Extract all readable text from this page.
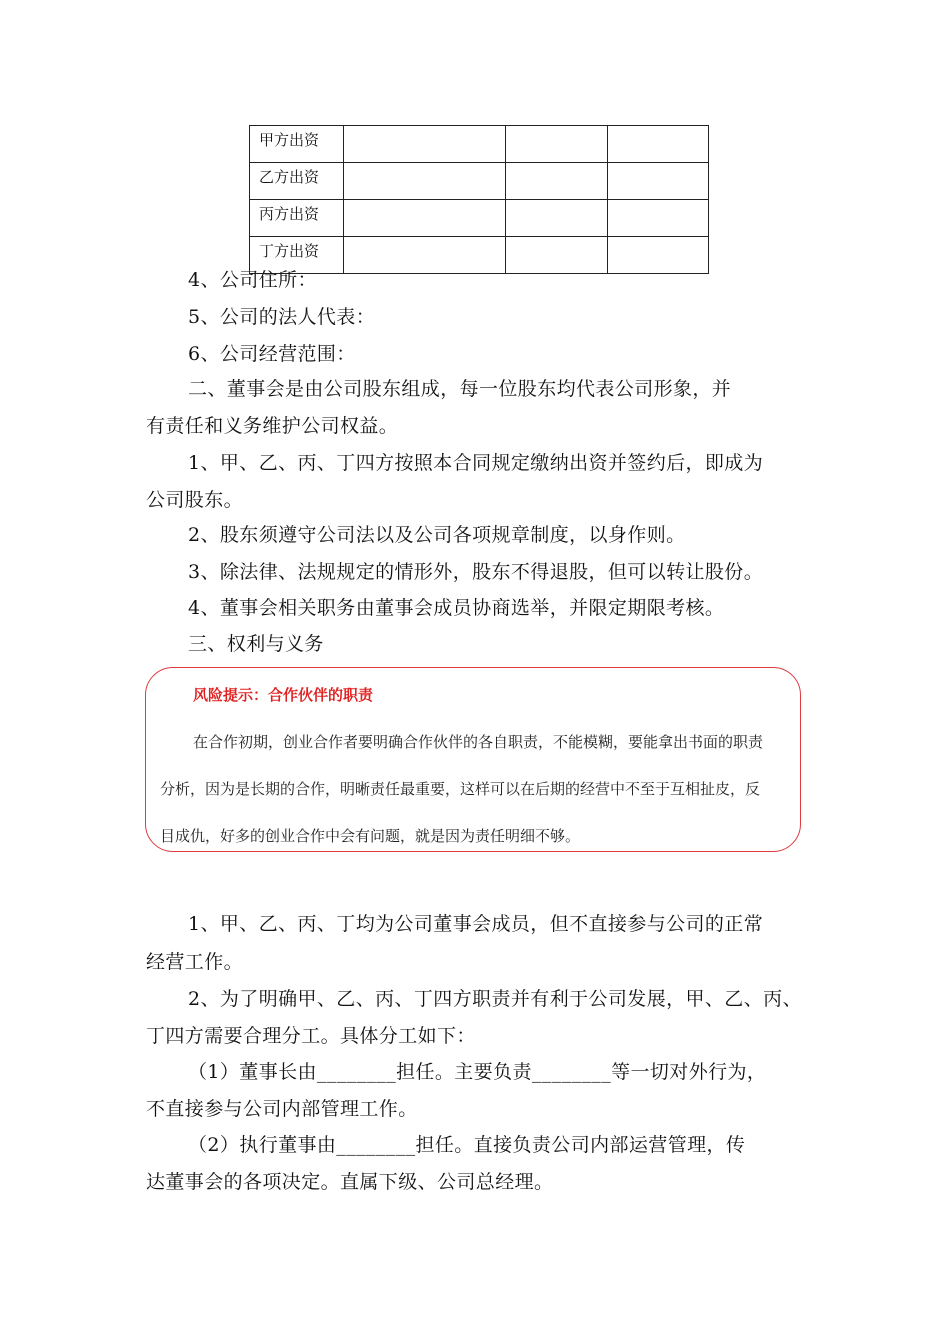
甲方出资			
乙方出资			
丙方出资			
丁方出资			
4、公司住所：
5、公司的法人代表：
6、公司经营范围：
二、董事会是由公司股东组成，每一位股东均代表公司形象，并
有责任和义务维护公司权益。
1、甲、乙、丙、丁四方按照本合同规定缴纳出资并签约后，即成为
公司股东。
2、股东须遵守公司法以及公司各项规章制度，以身作则。
3、除法律、法规规定的情形外，股东不得退股，但可以转让股份。
4、董事会相关职务由董事会成员协商选举，并限定期限考核。
三、权利与义务
风险提示：合作伙伴的职责
在合作初期，创业合作者要明确合作伙伴的各自职责，不能模糊，要能拿出书面的职责
分析，因为是长期的合作，明晰责任最重要，这样可以在后期的经营中不至于互相扯皮，反
目成仇，好多的创业合作中会有问题，就是因为责任明细不够。
1、甲、乙、丙、丁均为公司董事会成员，但不直接参与公司的正常
经营工作。
2、为了明确甲、乙、丙、丁四方职责并有利于公司发展，甲、乙、丙、
丁四方需要合理分工。具体分工如下：
（1）董事长由________担任。主要负责________等一切对外行为，
不直接参与公司内部管理工作。
（2）执行董事由________担任。直接负责公司内部运营管理，传
达董事会的各项决定。直属下级、公司总经理。
